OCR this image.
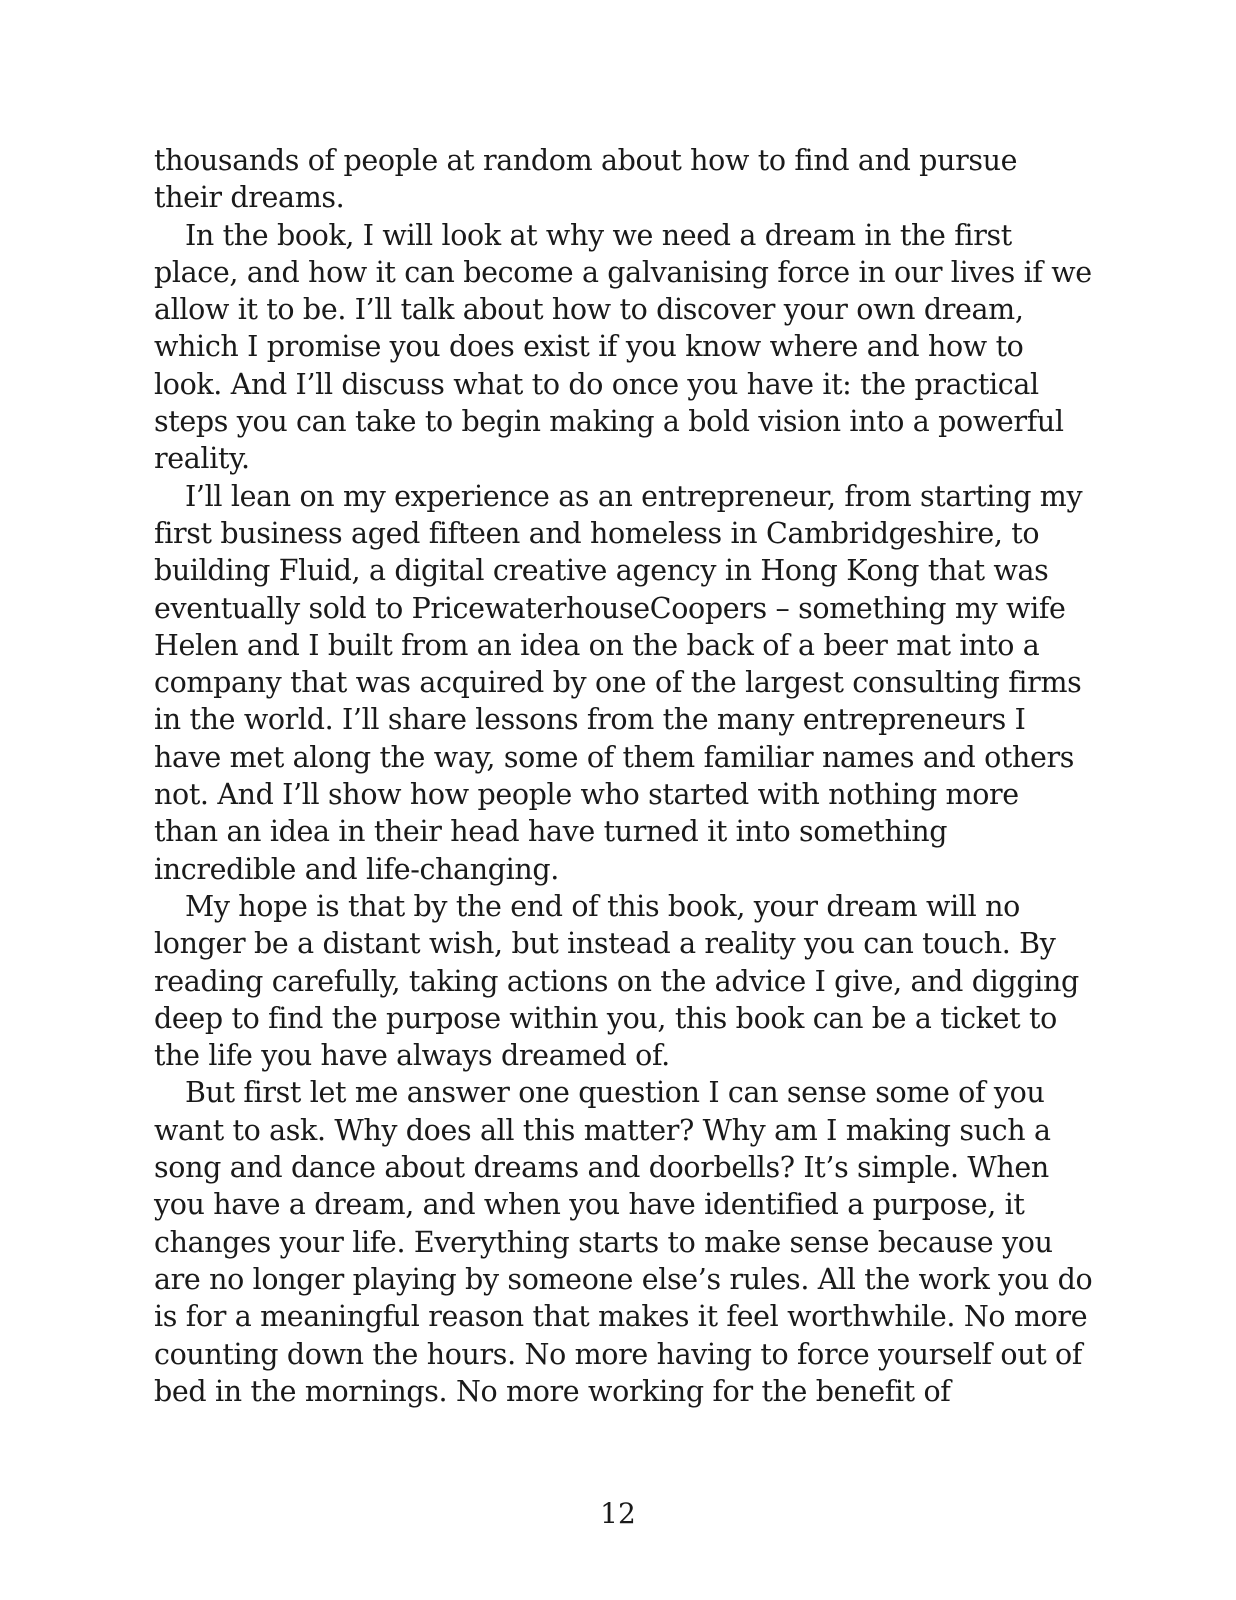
thousands of people at random about how to find and pursue
their dreams.
In the book, I will look at why we need a dream in the first
place, and how it can become a galvanising force in our lives if we
allow it to be. I’ll talk about how to discover your own dream,
which I promise you does exist if you know where and how to
look. And I’ll discuss what to do once you have it: the practical
steps you can take to begin making a bold vision into a powerful
reality.
I’ll lean on my experience as an entrepreneur, from starting my
first business aged fifteen and homeless in Cambridgeshire, to
building Fluid, a digital creative agency in Hong Kong that was
eventually sold to PricewaterhouseCoopers – something my wife
Helen and I built from an idea on the back of a beer mat into a
company that was acquired by one of the largest consulting firms
in the world. I’ll share lessons from the many entrepreneurs I
have met along the way, some of them familiar names and others
not. And I’ll show how people who started with nothing more
than an idea in their head have turned it into something
incredible and life-changing.
My hope is that by the end of this book, your dream will no
longer be a distant wish, but instead a reality you can touch. By
reading carefully, taking actions on the advice I give, and digging
deep to find the purpose within you, this book can be a ticket to
the life you have always dreamed of.
But first let me answer one question I can sense some of you
want to ask. Why does all this matter? Why am I making such a
song and dance about dreams and doorbells? It’s simple. When
you have a dream, and when you have identified a purpose, it
changes your life. Everything starts to make sense because you
are no longer playing by someone else’s rules. All the work you do
is for a meaningful reason that makes it feel worthwhile. No more
counting down the hours. No more having to force yourself out of
bed in the mornings. No more working for the benefit of
12
